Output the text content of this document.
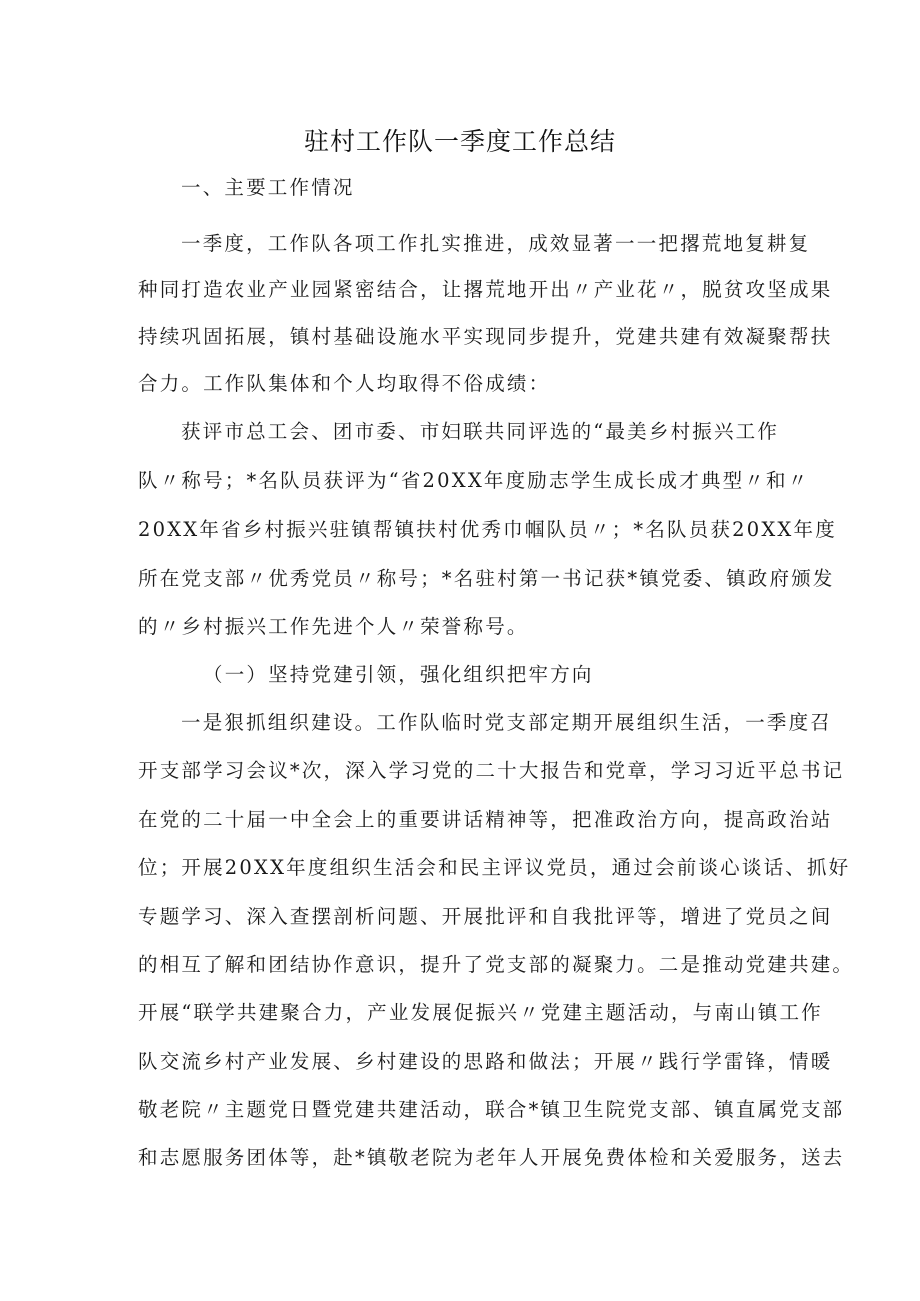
驻村工作队一季度工作总结
一、主要工作情况
一季度，工作队各项工作扎实推进，成效显著一一把撂荒地复耕复
种同打造农业产业园紧密结合，让撂荒地开出〃产业花〃，脱贫攻坚成果
持续巩固拓展，镇村基础设施水平实现同步提升，党建共建有效凝聚帮扶
合力。工作队集体和个人均取得不俗成绩：
获评市总工会、团市委、市妇联共同评选的“最美乡村振兴工作
队〃称号；*名队员获评为“省20XX年度励志学生成长成才典型〃和〃
20XX年省乡村振兴驻镇帮镇扶村优秀巾帼队员〃；*名队员获20XX年度
所在党支部〃优秀党员〃称号；*名驻村第一书记获*镇党委、镇政府颁发
的〃乡村振兴工作先进个人〃荣誉称号。
（一）坚持党建引领，强化组织把牢方向
一是狠抓组织建设。工作队临时党支部定期开展组织生活，一季度召
开支部学习会议*次，深入学习党的二十大报告和党章，学习习近平总书记
在党的二十届一中全会上的重要讲话精神等，把准政治方向，提高政治站
位；开展20XX年度组织生活会和民主评议党员，通过会前谈心谈话、抓好
专题学习、深入查摆剖析问题、开展批评和自我批评等，增进了党员之间
的相互了解和团结协作意识，提升了党支部的凝聚力。二是推动党建共建。
开展“联学共建聚合力，产业发展促振兴〃党建主题活动，与南山镇工作
队交流乡村产业发展、乡村建设的思路和做法；开展〃践行学雷锋，情暖
敬老院〃主题党日暨党建共建活动，联合*镇卫生院党支部、镇直属党支部
和志愿服务团体等，赴*镇敬老院为老年人开展免费体检和关爱服务，送去
